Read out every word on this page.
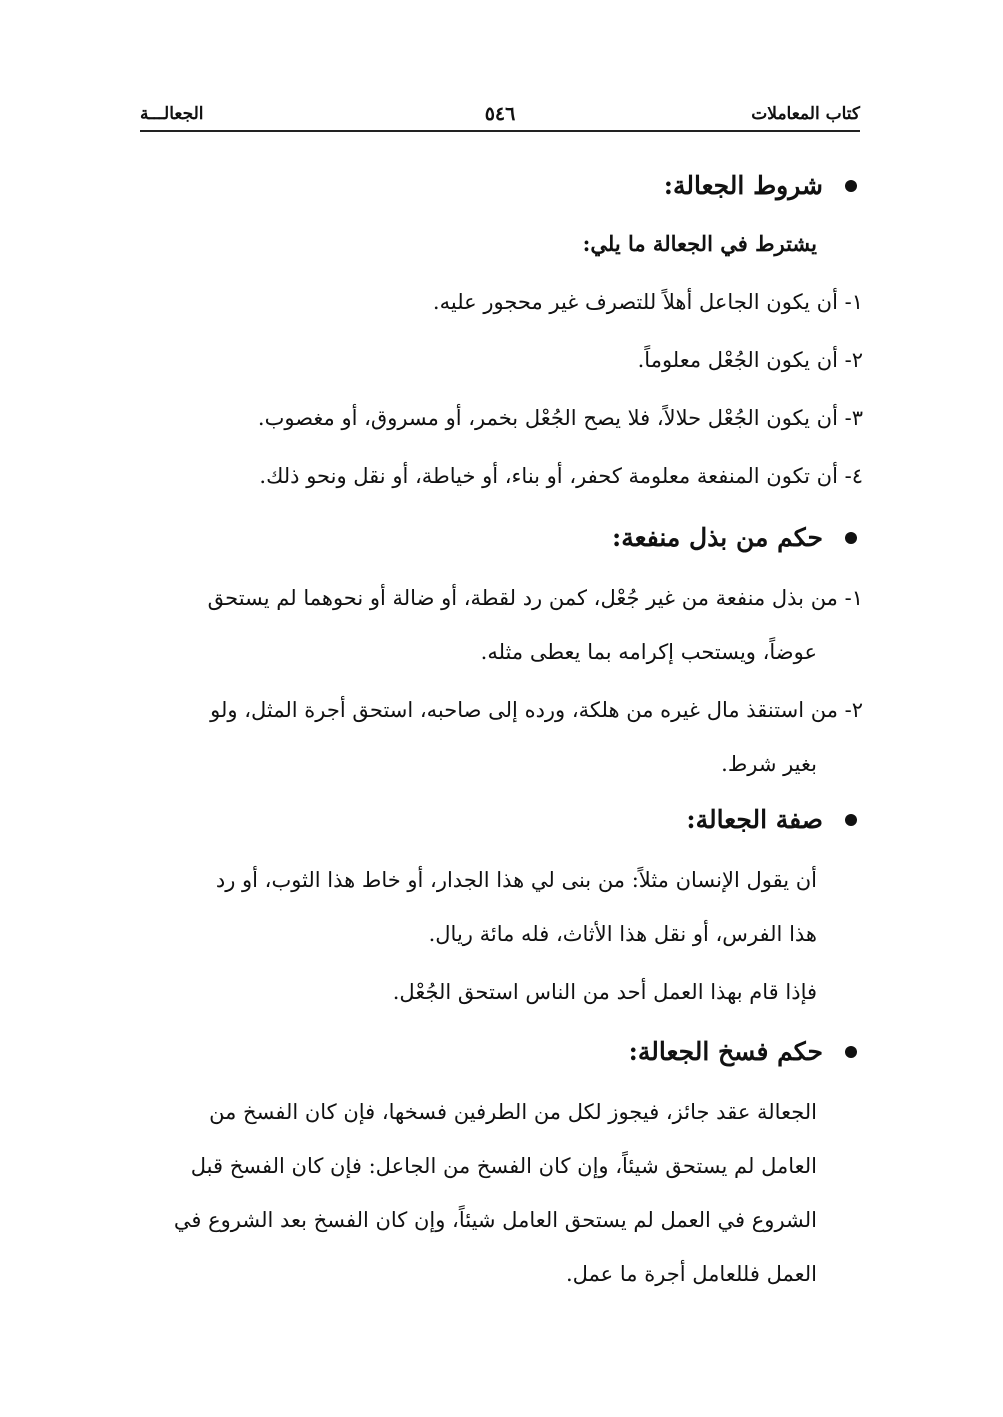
كتاب المعاملات
٥٤٦
الجعالـــة
شروط الجعالة:
يشترط في الجعالة ما يلي:
١- أن يكون الجاعل أهلاً للتصرف غير محجور عليه.
٢- أن يكون الجُعْل معلوماً.
٣- أن يكون الجُعْل حلالاً، فلا يصح الجُعْل بخمر، أو مسروق، أو مغصوب.
٤- أن تكون المنفعة معلومة كحفر، أو بناء، أو خياطة، أو نقل ونحو ذلك.
حكم من بذل منفعة:
١- من بذل منفعة من غير جُعْل، كمن رد لقطة، أو ضالة أو نحوهما لم يستحق
عوضاً، ويستحب إكرامه بما يعطى مثله.
٢- من استنقذ مال غيره من هلكة، ورده إلى صاحبه، استحق أجرة المثل، ولو
بغير شرط.
صفة الجعالة:
أن يقول الإنسان مثلاً: من بنى لي هذا الجدار، أو خاط هذا الثوب، أو رد
هذا الفرس، أو نقل هذا الأثاث، فله مائة ريال.
فإذا قام بهذا العمل أحد من الناس استحق الجُعْل.
حكم فسخ الجعالة:
الجعالة عقد جائز، فيجوز لكل من الطرفين فسخها، فإن كان الفسخ من
العامل لم يستحق شيئاً، وإن كان الفسخ من الجاعل: فإن كان الفسخ قبل
الشروع في العمل لم يستحق العامل شيئاً، وإن كان الفسخ بعد الشروع في
العمل فللعامل أجرة ما عمل.
